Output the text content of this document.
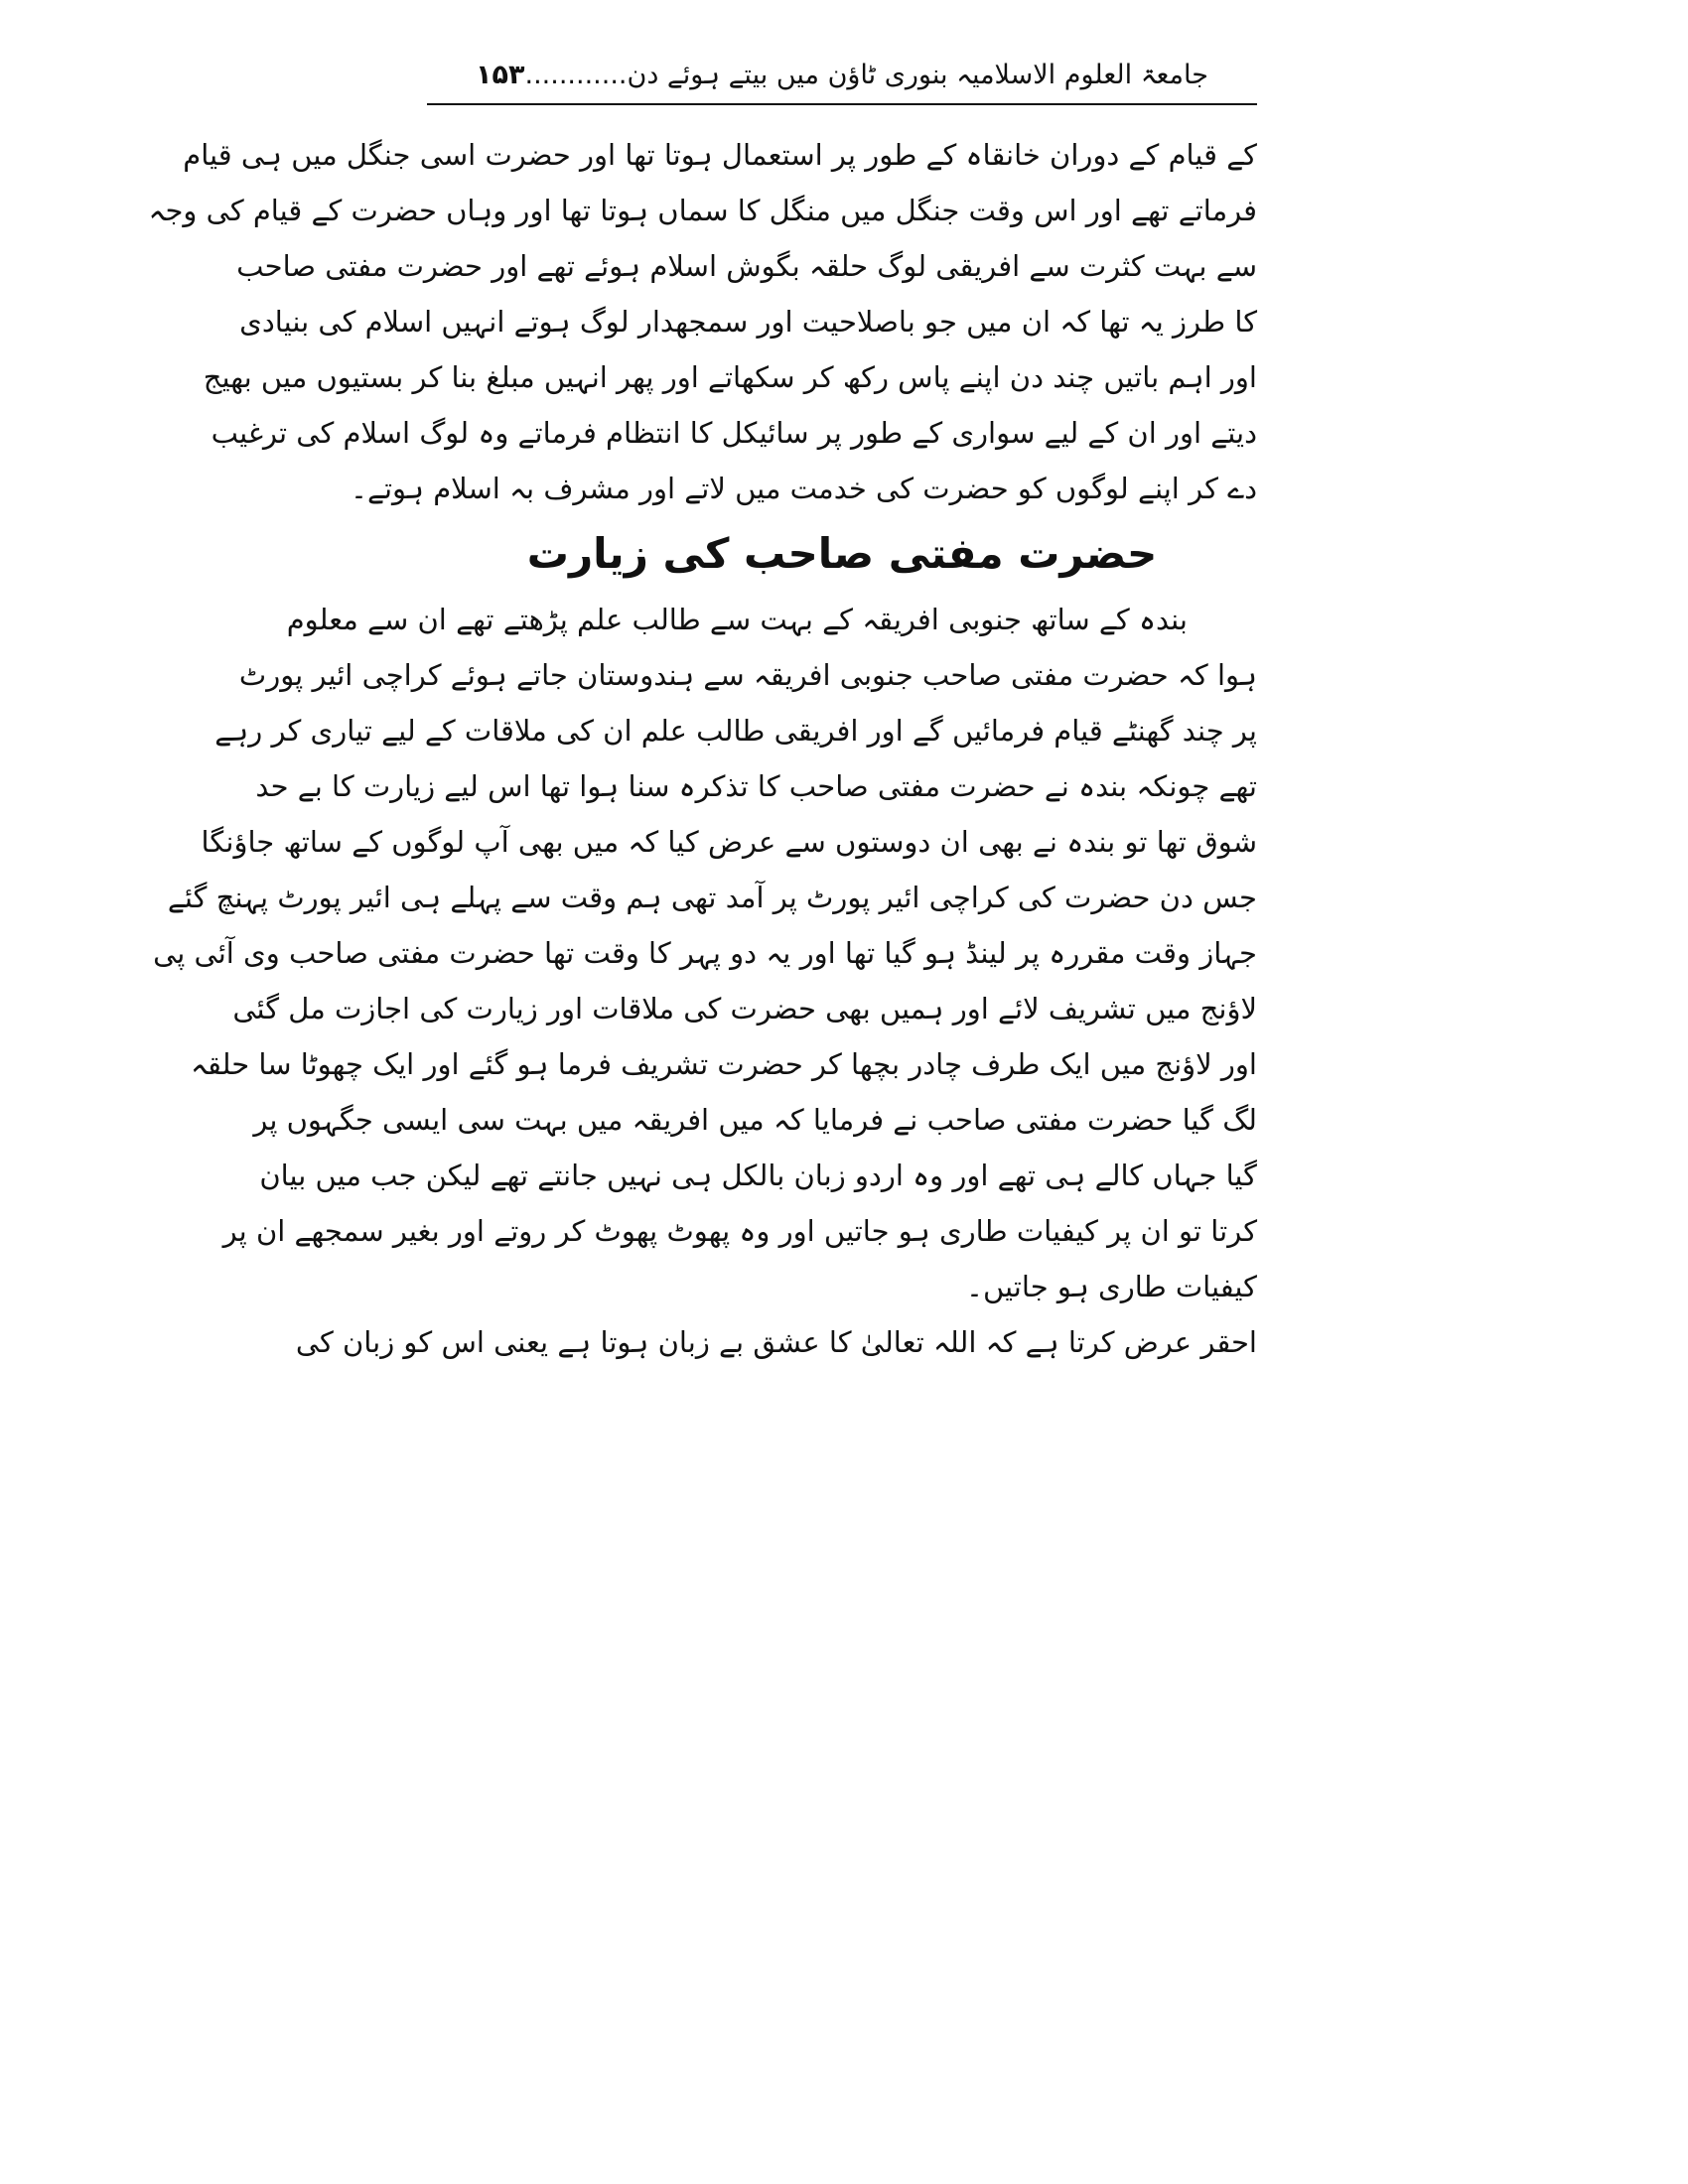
جامعۃ العلوم الاسلامیہ بنوری ٹاؤن میں بیتے ہوئے دن............۱۵۳
کے قیام کے دوران خانقاہ کے طور پر استعمال ہوتا تھا اور حضرت اسی جنگل میں ہی قیام
فرماتے تھے اور اس وقت جنگل میں منگل کا سماں ہوتا تھا اور وہاں حضرت کے قیام کی وجہ
سے بہت کثرت سے افریقی لوگ حلقہ بگوش اسلام ہوئے تھے اور حضرت مفتی صاحب
کا طرز یہ تھا کہ ان میں جو باصلاحیت اور سمجھدار لوگ ہوتے انہیں اسلام کی بنیادی
اور اہم باتیں چند دن اپنے پاس رکھ کر سکھاتے اور پھر انہیں مبلغ بنا کر بستیوں میں بھیج
دیتے اور ان کے لیے سواری کے طور پر سائیکل کا انتظام فرماتے وہ لوگ اسلام کی ترغیب
دے کر اپنے لوگوں کو حضرت کی خدمت میں لاتے اور مشرف بہ اسلام ہوتے۔
حضرت مفتی صاحب کی زیارت
بندہ کے ساتھ جنوبی افریقہ کے بہت سے طالب علم پڑھتے تھے ان سے معلوم
ہوا کہ حضرت مفتی صاحب جنوبی افریقہ سے ہندوستان جاتے ہوئے کراچی ائیر پورٹ
پر چند گھنٹے قیام فرمائیں گے اور افریقی طالب علم ان کی ملاقات کے لیے تیاری کر رہے
تھے چونکہ بندہ نے حضرت مفتی صاحب کا تذکرہ سنا ہوا تھا اس لیے زیارت کا بے حد
شوق تھا تو بندہ نے بھی ان دوستوں سے عرض کیا کہ میں بھی آپ لوگوں کے ساتھ جاؤنگا
جس دن حضرت کی کراچی ائیر پورٹ پر آمد تھی ہم وقت سے پہلے ہی ائیر پورٹ پہنچ گئے
جہاز وقت مقررہ پر لینڈ ہو گیا تھا اور یہ دو پہر کا وقت تھا حضرت مفتی صاحب وی آئی پی
لاؤنج میں تشریف لائے اور ہمیں بھی حضرت کی ملاقات اور زیارت کی اجازت مل گئی
اور لاؤنج میں ایک طرف چادر بچھا کر حضرت تشریف فرما ہو گئے اور ایک چھوٹا سا حلقہ
لگ گیا حضرت مفتی صاحب نے فرمایا کہ میں افریقہ میں بہت سی ایسی جگہوں پر
گیا جہاں کالے ہی تھے اور وہ اردو زبان بالکل ہی نہیں جانتے تھے لیکن جب میں بیان
کرتا تو ان پر کیفیات طاری ہو جاتیں اور وہ پھوٹ پھوٹ کر روتے اور بغیر سمجھے ان پر
کیفیات طاری ہو جاتیں۔
احقر عرض کرتا ہے کہ اللہ تعالیٰ کا عشق بے زبان ہوتا ہے یعنی اس کو زبان کی
